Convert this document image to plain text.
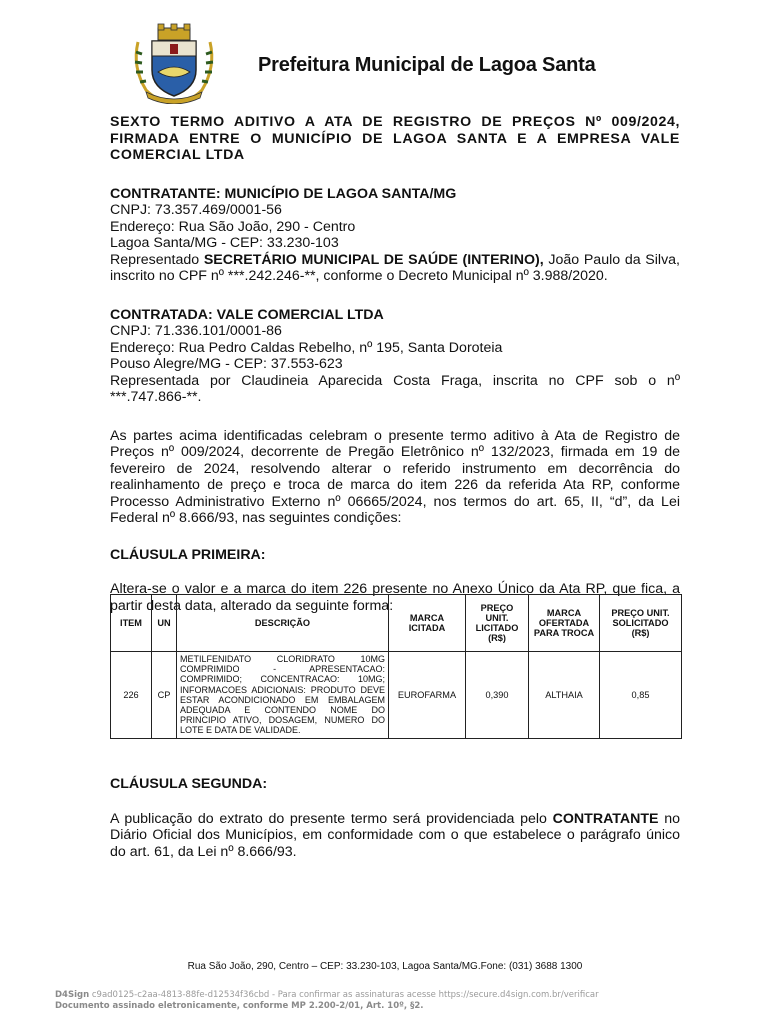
Prefeitura Municipal de Lagoa Santa
SEXTO TERMO ADITIVO A ATA DE REGISTRO DE PREÇOS Nº 009/2024, FIRMADA ENTRE O MUNICÍPIO DE LAGOA SANTA E A EMPRESA VALE COMERCIAL LTDA

CONTRATANTE: MUNICÍPIO DE LAGOA SANTA/MG

CNPJ: 73.357.469/0001-56

Endereço: Rua São João, 290 - Centro

Lagoa Santa/MG - CEP: 33.230-103

Representado SECRETÁRIO MUNICIPAL DE SAÚDE (INTERINO), João Paulo da Silva, inscrito no CPF nº ***.242.246-**, conforme o Decreto Municipal nº 3.988/2020.

CONTRATADA: VALE COMERCIAL LTDA

CNPJ: 71.336.101/0001-86

Endereço: Rua Pedro Caldas Rebelho, nº 195, Santa Doroteia

Pouso Alegre/MG - CEP: 37.553-623

Representada por Claudineia Aparecida Costa Fraga, inscrita no CPF sob o nº ***.747.866-**.

As partes acima identificadas celebram o presente termo aditivo à Ata de Registro de Preços nº 009/2024, decorrente de Pregão Eletrônico nº 132/2023, firmada em 19 de fevereiro de 2024, resolvendo alterar o referido instrumento em decorrência do realinhamento de preço e troca de marca do item 226 da referida Ata RP, conforme Processo Administrativo Externo nº 06665/2024, nos termos do art. 65, II, “d”, da Lei Federal nº 8.666/93, nas seguintes condições:

CLÁUSULA PRIMEIRA:

Altera-se o valor e a marca do item 226 presente no Anexo Único da Ata RP, que fica, a partir desta data, alterado da seguinte forma:

ITEM	UN	DESCRIÇÃO	MARCA ICITADA	PREÇO UNIT. LICITADO (R$)	MARCA OFERTADA PARA TROCA	PREÇO UNIT. SOLICITADO (R$)
226	CP	METILFENIDATO CLORIDRATO 10MG COMPRIMIDO - APRESENTACAO: COMPRIMIDO; CONCENTRACAO: 10MG; INFORMACOES ADICIONAIS: PRODUTO DEVE ESTAR ACONDICIONADO EM EMBALAGEM ADEQUADA E CONTENDO NOME DO PRINCIPIO ATIVO, DOSAGEM, NUMERO DO LOTE E DATA DE VALIDADE.	EUROFARMA	0,390	ALTHAIA	0,85

CLÁUSULA SEGUNDA:

A publicação do extrato do presente termo será providenciada pelo CONTRATANTE no Diário Oficial dos Municípios, em conformidade com o que estabelece o parágrafo único do art. 61, da Lei nº 8.666/93.

Rua São João, 290, Centro – CEP: 33.230-103, Lagoa Santa/MG.Fone: (031) 3688 1300
D4Sign c9ad0125-c2aa-4813-88fe-d12534f36cbd - Para confirmar as assinaturas acesse https://secure.d4sign.com.br/verificar
Documento assinado eletronicamente, conforme MP 2.200-2/01, Art. 10º, §2.
